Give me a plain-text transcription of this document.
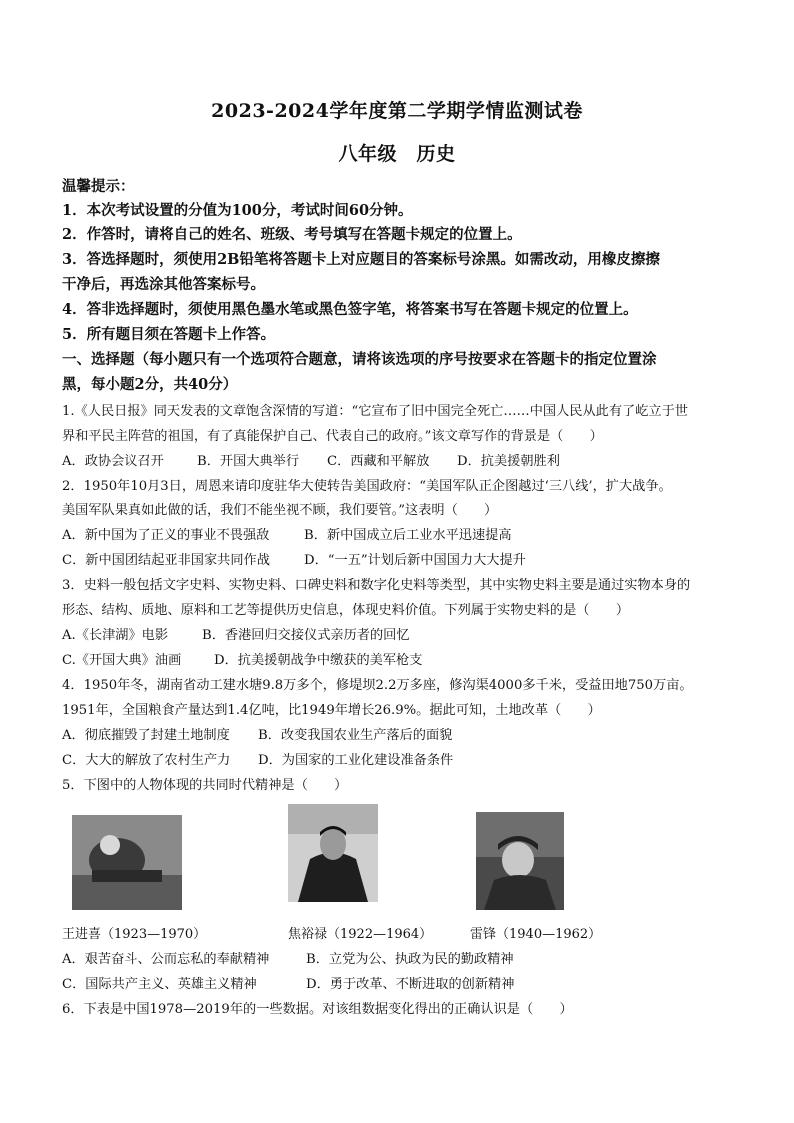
2023-2024学年度第二学期学情监测试卷
八年级　历史
温馨提示：
1．本次考试设置的分值为100分，考试时间60分钟。
2．作答时，请将自己的姓名、班级、考号填写在答题卡规定的位置上。
3．答选择题时，须使用2B铅笔将答题卡上对应题目的答案标号涂黑。如需改动，用橡皮擦擦
干净后，再选涂其他答案标号。
4．答非选择题时，须使用黑色墨水笔或黑色签字笔，将答案书写在答题卡规定的位置上。
5．所有题目须在答题卡上作答。
一、选择题（每小题只有一个选项符合题意，请将该选项的序号按要求在答题卡的指定位置涂
黑，每小题2分，共40分）
1.《人民日报》同天发表的文章饱含深情的写道：“它宣布了旧中国完全死亡……中国人民从此有了屹立于世
界和平民主阵营的祖国，有了真能保护自己、代表自己的政府。”该文章写作的背景是（　　）
A．政协会议召开	B．开国大典举行 C．西藏和平解放 D．抗美援朝胜利
2．1950年10月3日，周恩来请印度驻华大使转告美国政府：“美国军队正企图越过‘三八线’，扩大战争。
美国军队果真如此做的话，我们不能坐视不顾，我们要管。”这表明（　　）
A．新中国为了正义的事业不畏强敌	B．新中国成立后工业水平迅速提高
C．新中国团结起亚非国家共同作战	D．“一五”计划后新中国国力大大提升
3．史料一般包括文字史料、实物史料、口碑史料和数字化史料等类型，其中实物史料主要是通过实物本身的
形态、结构、质地、原料和工艺等提供历史信息，体现史料价值。下列属于实物史料的是（　　）
A.《长津湖》电影	B．香港回归交接仪式亲历者的回忆
C.《开国大典》油画 D．抗美援朝战争中缴获的美军枪支
4．1950年冬，湖南省动工建水塘9.8万多个，修堤坝2.2万多座，修沟渠4000多千米，受益田地750万亩。
1951年，全国粮食产量达到1.4亿吨，比1949年增长26.9%。据此可知，土地改革（　　）
A．彻底摧毁了封建土地制度 B．改变我国农业生产落后的面貌
C．大大的解放了农村生产力 D．为国家的工业化建设准备条件
5．下图中的人物体现的共同时代精神是（　　）
王进喜（1923—1970）	焦裕禄（1922—1964）	雷锋（1940—1962）
A．艰苦奋斗、公而忘私的奉献精神	B．立党为公、执政为民的勤政精神
C．国际共产主义、英雄主义精神	D．勇于改革、不断进取的创新精神
6．下表是中国1978—2019年的一些数据。对该组数据变化得出的正确认识是（　　）
